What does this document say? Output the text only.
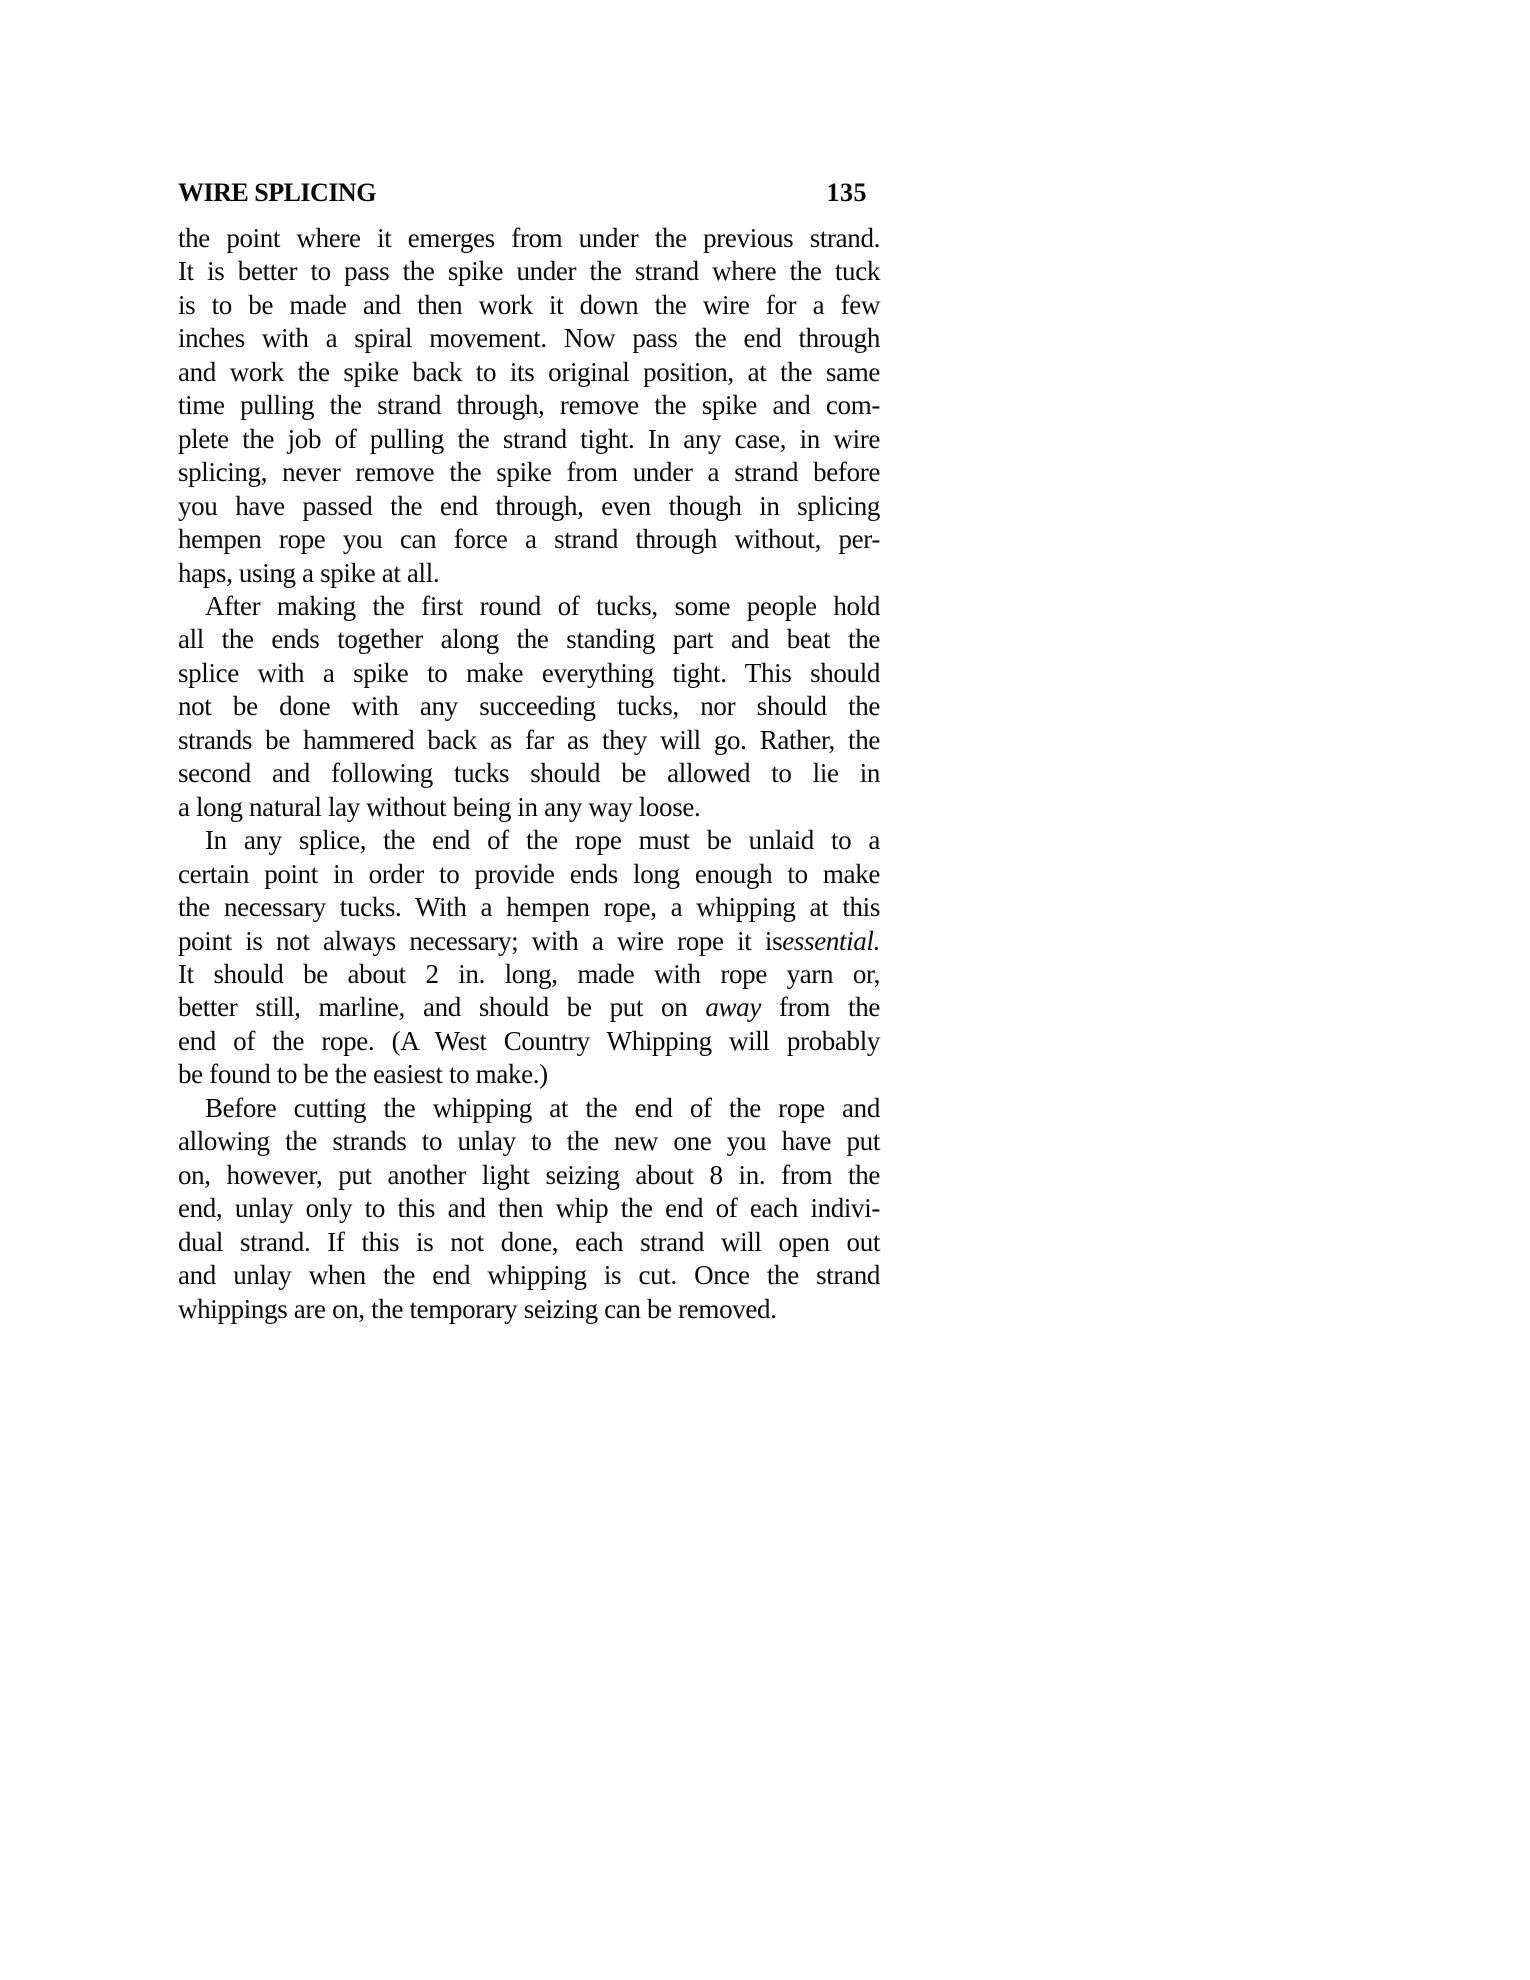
WIRE SPLICING	135
the point where it emerges from under the previous strand.
It is better to pass the spike under the strand where the tuck
is to be made and then work it down the wire for a few
inches with a spiral movement. Now pass the end through
and work the spike back to its original position, at the same
time pulling the strand through, remove the spike and com-
plete the job of pulling the strand tight. In any case, in wire
splicing, never remove the spike from under a strand before
you have passed the end through, even though in splicing
hempen rope you can force a strand through without, per-
haps, using a spike at all.
After making the first round of tucks, some people hold
all the ends together along the standing part and beat the
splice with a spike to make everything tight. This should
not be done with any succeeding tucks, nor should the
strands be hammered back as far as they will go. Rather, the
second and following tucks should be allowed to lie in
a long natural lay without being in any way loose.
In any splice, the end of the rope must be unlaid to a
certain point in order to provide ends long enough to make
the necessary tucks. With a hempen rope, a whipping at this
point is not always necessary; with a wire rope it isessential.
It should be about 2 in. long, made with rope yarn or,
better still, marline, and should be put on away from the
end of the rope. (A West Country Whipping will probably
be found to be the easiest to make.)
Before cutting the whipping at the end of the rope and
allowing the strands to unlay to the new one you have put
on, however, put another light seizing about 8 in. from the
end, unlay only to this and then whip the end of each indivi-
dual strand. If this is not done, each strand will open out
and unlay when the end whipping is cut. Once the strand
whippings are on, the temporary seizing can be removed.
